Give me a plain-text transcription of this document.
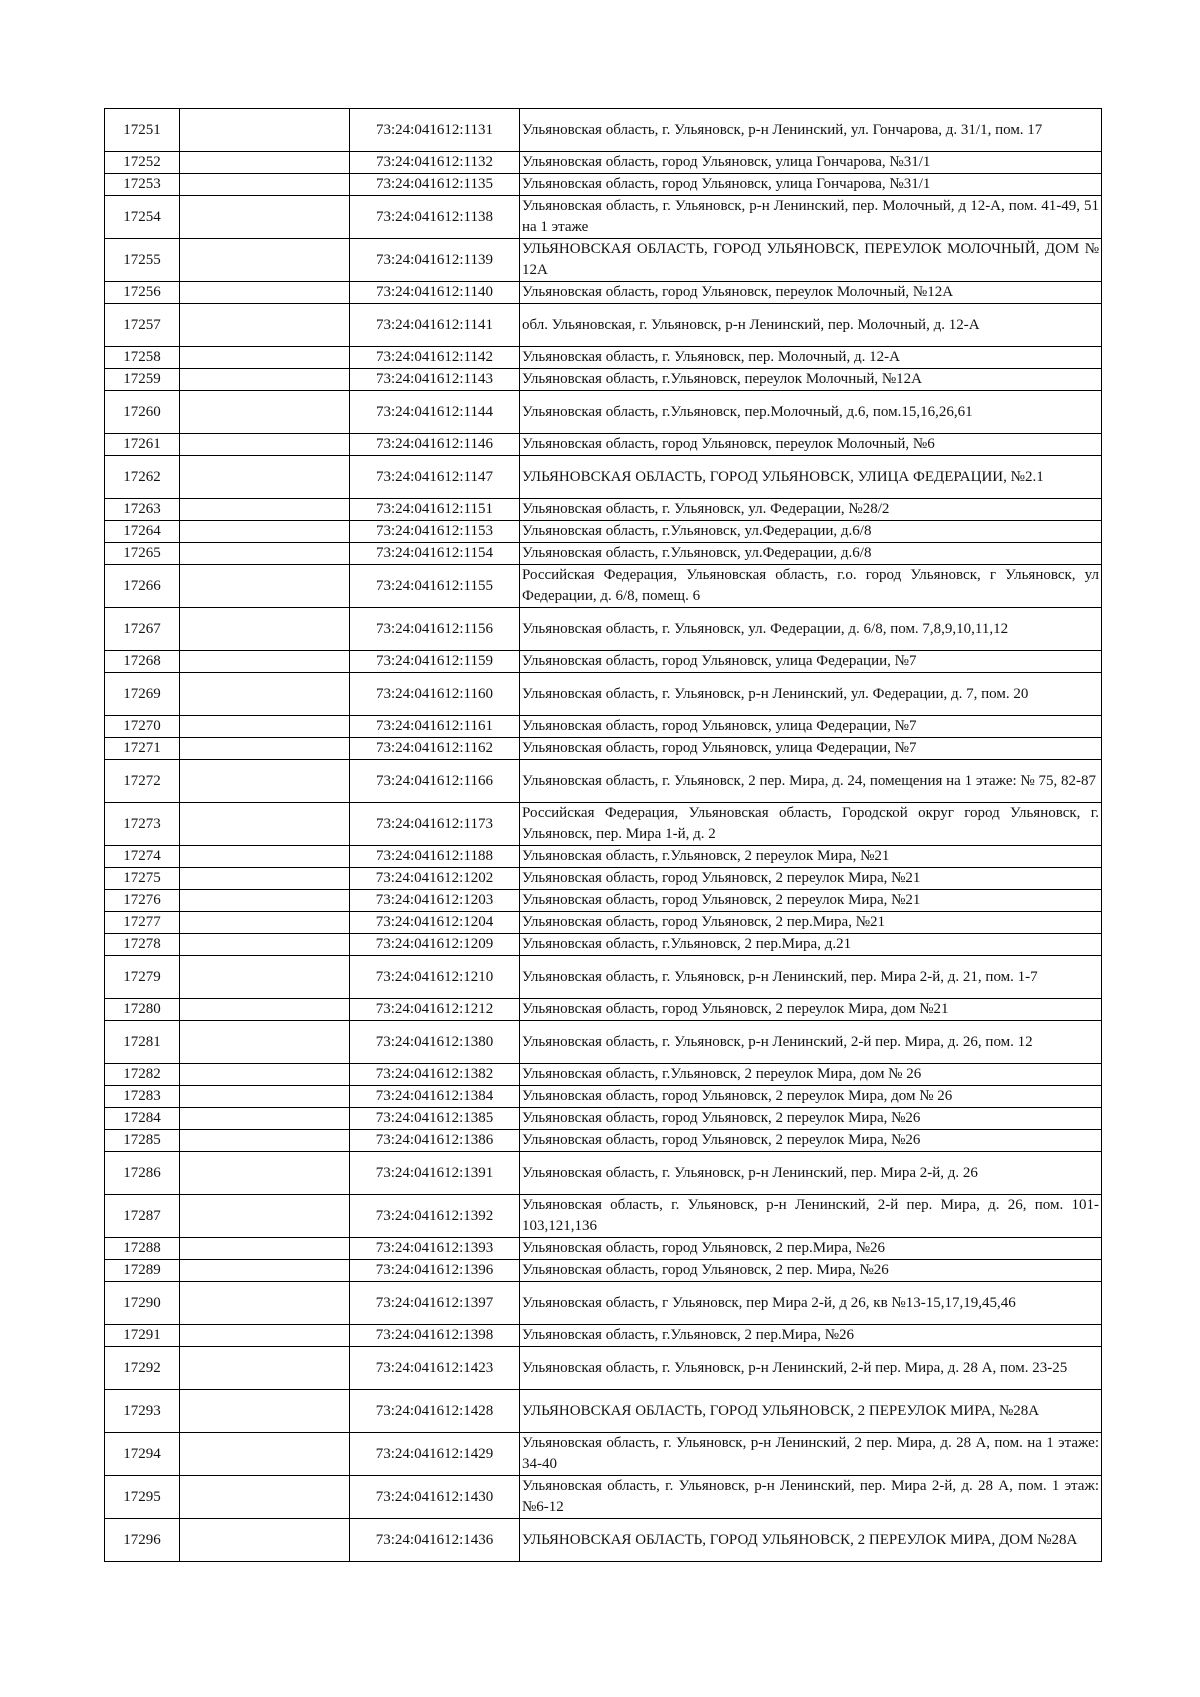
17251		73:24:041612:1131	Ульяновская область, г. Ульяновск, р-н Ленинский, ул. Гончарова, д. 31/1, пом. 17
17252		73:24:041612:1132	Ульяновская область, город Ульяновск, улица Гончарова, №31/1
17253		73:24:041612:1135	Ульяновская область, город Ульяновск, улица Гончарова, №31/1
17254		73:24:041612:1138	Ульяновская область, г. Ульяновск, р-н Ленинский, пер. Молочный, д 12-А, пом. 41-49, 51 на 1 этаже
17255		73:24:041612:1139	УЛЬЯНОВСКАЯ ОБЛАСТЬ, ГОРОД УЛЬЯНОВСК, ПЕРЕУЛОК МОЛОЧНЫЙ, ДОМ № 12А
17256		73:24:041612:1140	Ульяновская область, город Ульяновск, переулок Молочный, №12А
17257		73:24:041612:1141	обл. Ульяновская, г. Ульяновск, р-н Ленинский, пер. Молочный, д. 12-А
17258		73:24:041612:1142	Ульяновская область, г. Ульяновск, пер. Молочный, д. 12-А
17259		73:24:041612:1143	Ульяновская область, г.Ульяновск, переулок Молочный, №12А
17260		73:24:041612:1144	Ульяновская область, г.Ульяновск, пер.Молочный, д.6, пом.15,16,26,61
17261		73:24:041612:1146	Ульяновская область, город Ульяновск, переулок Молочный, №6
17262		73:24:041612:1147	УЛЬЯНОВСКАЯ ОБЛАСТЬ, ГОРОД УЛЬЯНОВСК, УЛИЦА ФЕДЕРАЦИИ, №2.1
17263		73:24:041612:1151	Ульяновская область, г. Ульяновск, ул. Федерации, №28/2
17264		73:24:041612:1153	Ульяновская область, г.Ульяновск, ул.Федерации, д.6/8
17265		73:24:041612:1154	Ульяновская область, г.Ульяновск, ул.Федерации, д.6/8
17266		73:24:041612:1155	Российская Федерация, Ульяновская область, г.о. город Ульяновск, г Ульяновск, ул Федерации, д. 6/8, помещ. 6
17267		73:24:041612:1156	Ульяновская область, г. Ульяновск, ул. Федерации, д. 6/8, пом. 7,8,9,10,11,12
17268		73:24:041612:1159	Ульяновская область, город Ульяновск, улица Федерации, №7
17269		73:24:041612:1160	Ульяновская область, г. Ульяновск, р-н Ленинский, ул. Федерации, д. 7, пом. 20
17270		73:24:041612:1161	Ульяновская область, город Ульяновск, улица Федерации, №7
17271		73:24:041612:1162	Ульяновская область, город Ульяновск, улица Федерации, №7
17272		73:24:041612:1166	Ульяновская область, г. Ульяновск, 2 пер. Мира, д. 24, помещения на 1 этаже: № 75, 82-87
17273		73:24:041612:1173	Российская Федерация, Ульяновская область, Городской округ город Ульяновск, г. Ульяновск, пер. Мира 1-й, д. 2
17274		73:24:041612:1188	Ульяновская область, г.Ульяновск, 2 переулок Мира, №21
17275		73:24:041612:1202	Ульяновская область, город Ульяновск, 2 переулок Мира, №21
17276		73:24:041612:1203	Ульяновская область, город Ульяновск, 2 переулок Мира, №21
17277		73:24:041612:1204	Ульяновская область, город Ульяновск, 2 пер.Мира, №21
17278		73:24:041612:1209	Ульяновская область, г.Ульяновск, 2 пер.Мира, д.21
17279		73:24:041612:1210	Ульяновская область, г. Ульяновск, р-н Ленинский, пер. Мира 2-й, д. 21, пом. 1-7
17280		73:24:041612:1212	Ульяновская область, город Ульяновск, 2 переулок Мира, дом №21
17281		73:24:041612:1380	Ульяновская область, г. Ульяновск, р-н Ленинский, 2-й пер. Мира, д. 26, пом. 12
17282		73:24:041612:1382	Ульяновская область, г.Ульяновск, 2 переулок Мира, дом № 26
17283		73:24:041612:1384	Ульяновская область, город Ульяновск, 2 переулок Мира, дом № 26
17284		73:24:041612:1385	Ульяновская область, город Ульяновск, 2 переулок Мира, №26
17285		73:24:041612:1386	Ульяновская область, город Ульяновск, 2 переулок Мира, №26
17286		73:24:041612:1391	Ульяновская область, г. Ульяновск, р-н Ленинский, пер. Мира 2-й, д. 26
17287		73:24:041612:1392	Ульяновская область, г. Ульяновск, р-н Ленинский, 2-й пер. Мира, д. 26, пом. 101-103,121,136
17288		73:24:041612:1393	Ульяновская область, город Ульяновск, 2 пер.Мира, №26
17289		73:24:041612:1396	Ульяновская область, город Ульяновск, 2 пер. Мира, №26
17290		73:24:041612:1397	Ульяновская область, г Ульяновск, пер Мира 2-й, д 26, кв №13-15,17,19,45,46
17291		73:24:041612:1398	Ульяновская область, г.Ульяновск, 2 пер.Мира, №26
17292		73:24:041612:1423	Ульяновская область, г. Ульяновск, р-н Ленинский, 2-й пер. Мира, д. 28 А, пом. 23-25
17293		73:24:041612:1428	УЛЬЯНОВСКАЯ ОБЛАСТЬ, ГОРОД УЛЬЯНОВСК, 2 ПЕРЕУЛОК МИРА, №28А
17294		73:24:041612:1429	Ульяновская область, г. Ульяновск, р-н Ленинский, 2 пер. Мира, д. 28 А, пом. на 1 этаже: 34-40
17295		73:24:041612:1430	Ульяновская область, г. Ульяновск, р-н Ленинский, пер. Мира 2-й, д. 28 А, пом. 1 этаж: №6-12
17296		73:24:041612:1436	УЛЬЯНОВСКАЯ ОБЛАСТЬ, ГОРОД УЛЬЯНОВСК, 2 ПЕРЕУЛОК МИРА, ДОМ №28А
